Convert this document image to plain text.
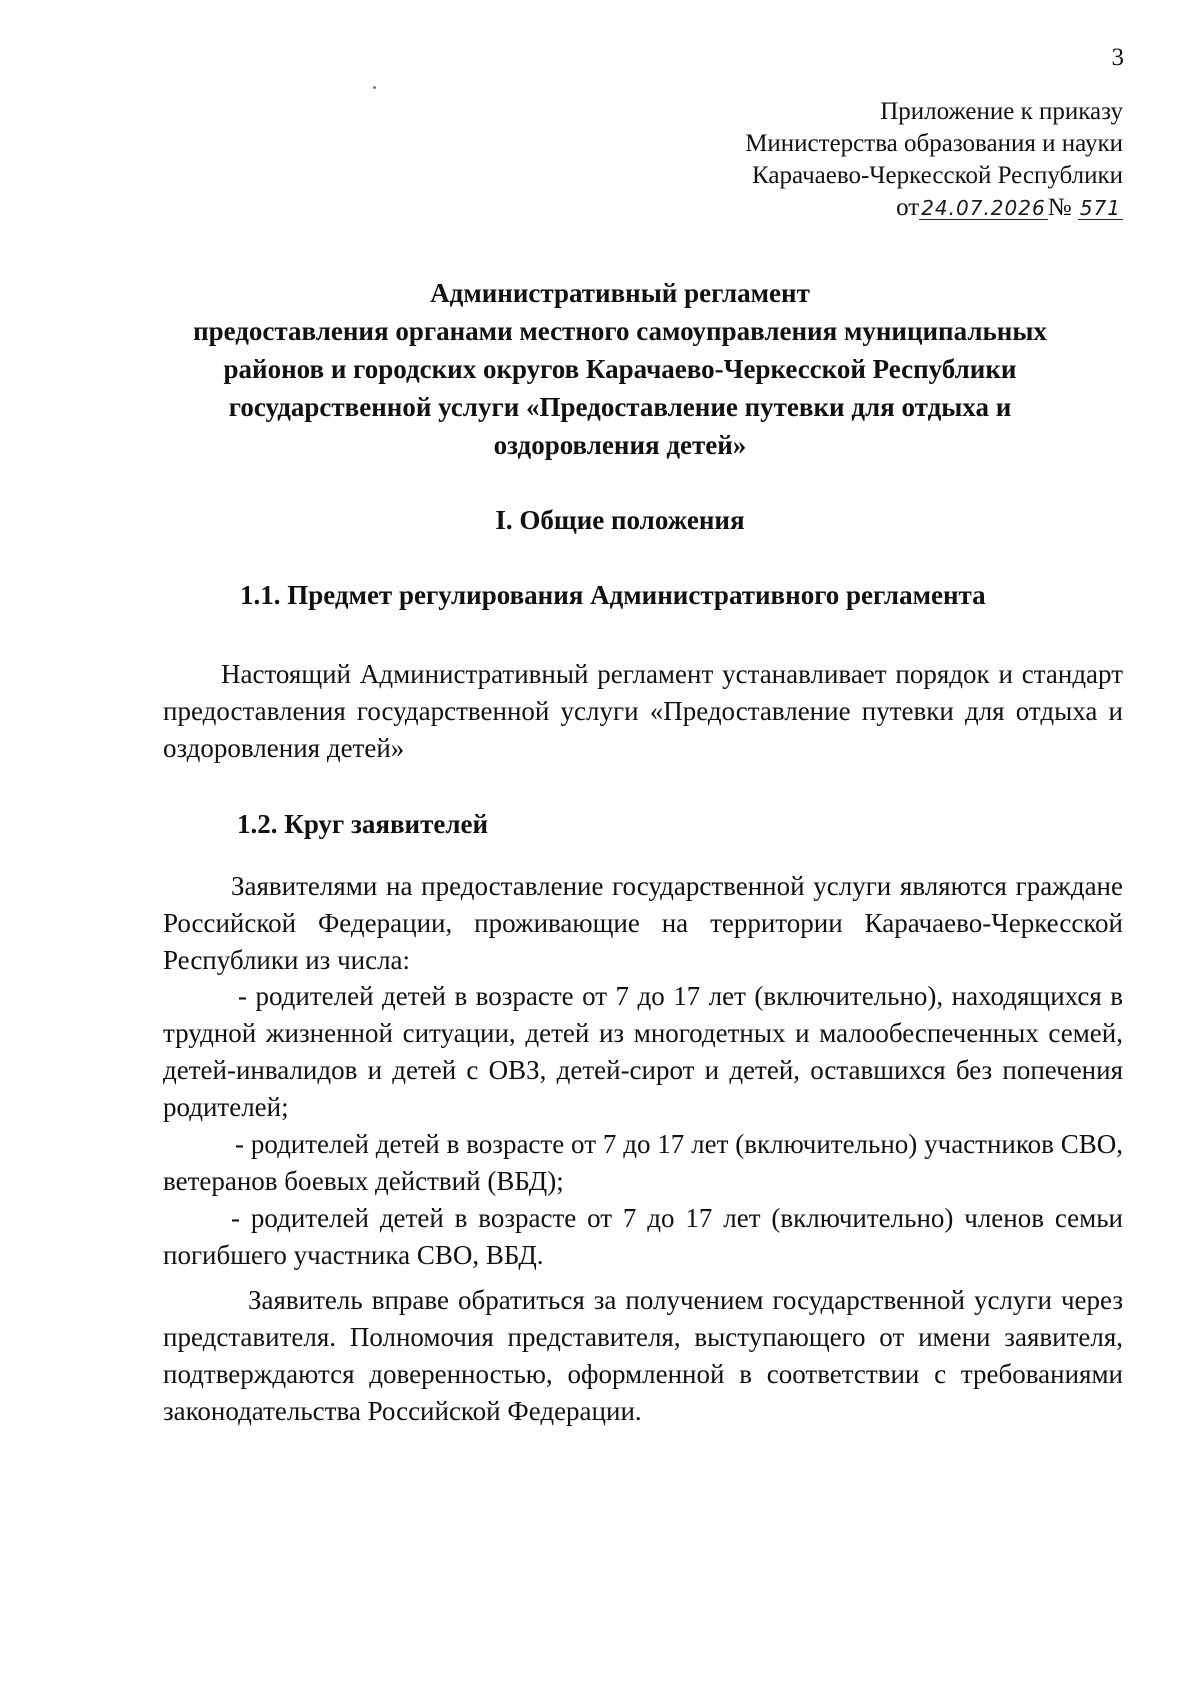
3
Приложение к приказу
Министерства образования и науки
Карачаево-Черкесской Республики
от 24.07.2026№ 571
Административный регламент
предоставления органами местного самоуправления муниципальных
районов и городских округов Карачаево-Черкесской Республики
государственной услуги «Предоставление путевки для отдыха и
оздоровления детей»
I. Общие положения
1.1. Предмет регулирования Административного регламента
Настоящий Административный регламент устанавливает порядок и стандарт предоставления государственной услуги «Предоставление путевки для отдыха и оздоровления детей»
1.2. Круг заявителей
Заявителями на предоставление государственной услуги являются граждане Российской Федерации, проживающие на территории Карачаево-Черкесской Республики из числа:
- родителей детей в возрасте от 7 до 17 лет (включительно), находящихся в трудной жизненной ситуации, детей из многодетных и малообеспеченных семей, детей-инвалидов и детей с ОВЗ, детей-сирот и детей, оставшихся без попечения родителей;
- родителей детей в возрасте от 7 до 17 лет (включительно) участников СВО, ветеранов боевых действий (ВБД);
- родителей детей в возрасте от 7 до 17 лет (включительно) членов семьи погибшего участника СВО, ВБД.
Заявитель вправе обратиться за получением государственной услуги через представителя. Полномочия представителя, выступающего от имени заявителя, подтверждаются доверенностью, оформленной в соответствии с требованиями законодательства Российской Федерации.
